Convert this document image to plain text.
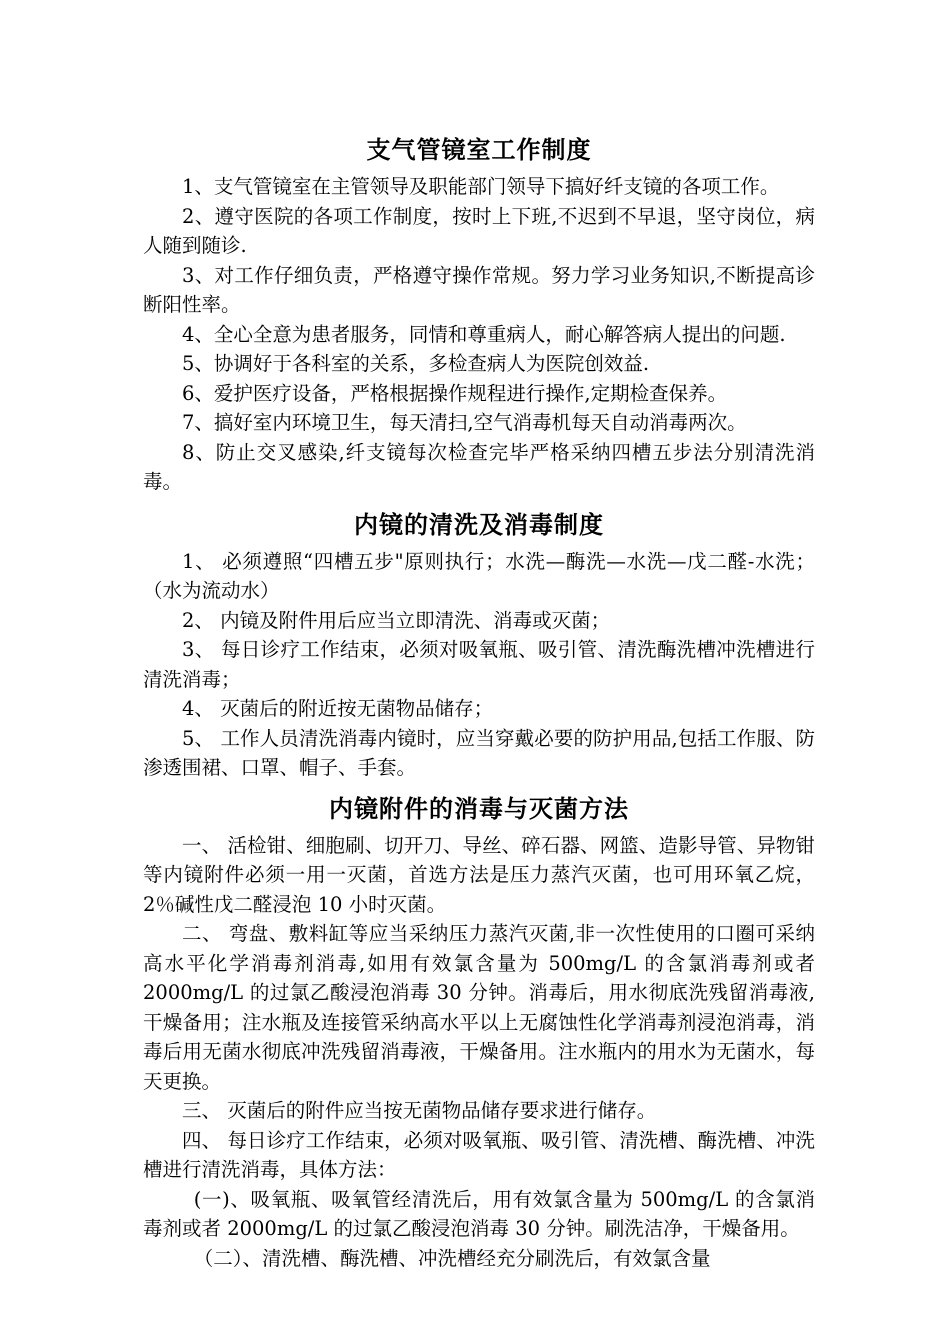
支气管镜室工作制度

1、支气管镜室在主管领导及职能部门领导下搞好纤支镜的各项工作。

2、遵守医院的各项工作制度，按时上下班,不迟到不早退，坚守岗位，病人随到随诊.

3、对工作仔细负责，严格遵守操作常规。努力学习业务知识,不断提高诊断阳性率。

4、全心全意为患者服务，同情和尊重病人，耐心解答病人提出的问题.

5、协调好于各科室的关系，多检查病人为医院创效益.

6、爱护医疗设备，严格根据操作规程进行操作,定期检查保养。

7、搞好室内环境卫生，每天清扫,空气消毒机每天自动消毒两次。

8、防止交叉感染,纤支镜每次检查完毕严格采纳四槽五步法分别清洗消毒。

内镜的清洗及消毒制度

1、 必须遵照“四槽五步"原则执行；水洗—酶洗—水洗—戊二醛-水洗；（水为流动水）

2、 内镜及附件用后应当立即清洗、消毒或灭菌；

3、 每日诊疗工作结束，必须对吸氧瓶、吸引管、清洗酶洗槽冲洗槽进行清洗消毒；

4、 灭菌后的附近按无菌物品储存；

5、 工作人员清洗消毒内镜时，应当穿戴必要的防护用品,包括工作服、防渗透围裙、口罩、帽子、手套。

内镜附件的消毒与灭菌方法

一、 活检钳、细胞刷、切开刀、导丝、碎石器、网篮、造影导管、异物钳等内镜附件必须一用一灭菌，首选方法是压力蒸汽灭菌，也可用环氧乙烷，2％碱性戊二醛浸泡 10 小时灭菌。

二、 弯盘、敷料缸等应当采纳压力蒸汽灭菌,非一次性使用的口圈可采纳高水平化学消毒剂消毒,如用有效氯含量为 500mg/L 的含氯消毒剂或者 2000mg/L 的过氯乙酸浸泡消毒 30 分钟。消毒后，用水彻底洗残留消毒液,干燥备用；注水瓶及连接管采纳高水平以上无腐蚀性化学消毒剂浸泡消毒，消毒后用无菌水彻底冲洗残留消毒液，干燥备用。注水瓶内的用水为无菌水，每天更换。

三、 灭菌后的附件应当按无菌物品储存要求进行储存。

四、 每日诊疗工作结束，必须对吸氧瓶、吸引管、清洗槽、酶洗槽、冲洗槽进行清洗消毒，具体方法：

(一)、吸氧瓶、吸氧管经清洗后，用有效氯含量为 500mg/L 的含氯消毒剂或者 2000mg/L 的过氯乙酸浸泡消毒 30 分钟。刷洗洁净，干燥备用。

（二）、清洗槽、酶洗槽、冲洗槽经充分刷洗后，有效氯含量
